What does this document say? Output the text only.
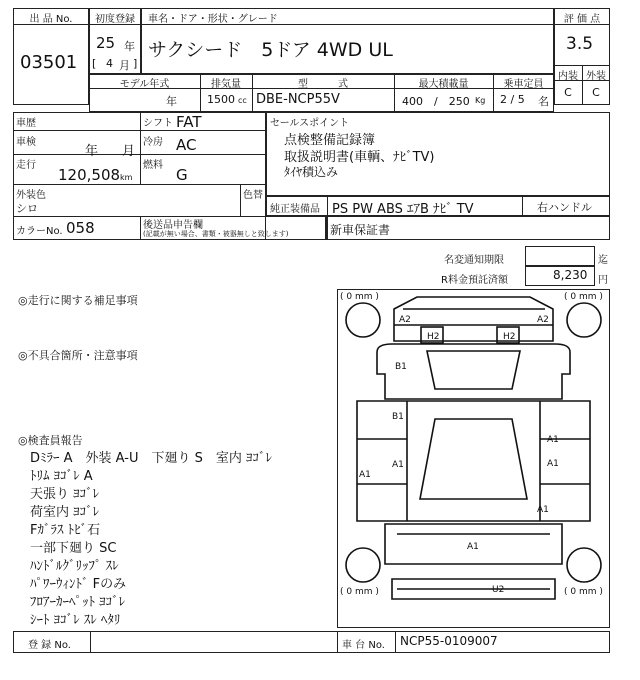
出 品 No.
03501
初度登録
25 年
[ 4 月 ]
車名・ドア・形状・グレード
サクシード　5ドア 4WD UL
評 価 点
3.5
内装 外装
C	C
モデル年式	排気量	型　　　式	最大積載量	乗車定員
年	1500 cc DBE-NCP55V	400　/　250 Kg 2 / 5 名
車歴	シフト FAT
車検
年 月
冷房 AC
走行
120,508 km
燃料
G
外装色
シロ
色替
カラーNo. 058	後送品申告欄
(記載が無い場合、書類・被器無しと致します)
セールスポイント
点検整備記録簿
取扱説明書(車輌、ﾅﾋﾞTV)
ﾀｲﾔ積込み
純正装備品 PS PW ABS ｴｱB ﾅﾋﾞ TV	右ハンドル
新車保証書
名変通知期限	迄
R料金預託済額	8,230 円
◎走行に関する補足事項
◎不具合箇所・注意事項
◎検査員報告
Dﾐﾗｰ A　外装 A-U　下廻り S　室内 ﾖｺﾞﾚ
ﾄﾘﾑ ﾖｺﾞﾚ A
天張り ﾖｺﾞﾚ
荷室内 ﾖｺﾞﾚ
Fｶﾞﾗｽ ﾄﾋﾞ石
一部下廻り SC
ﾊﾝﾄﾞﾙｸﾞﾘｯﾌﾟ ｽﾚ
ﾊﾟﾜｰｳｨﾝﾄﾞ Fのみ
ﾌﾛｱｰｶｰﾍﾟｯﾄ ﾖｺﾞﾚ
ｼｰﾄ ﾖｺﾞﾚ ｽﾚ ﾍﾀﾘ
( 0 mm )	( 0 mm )
( 0 mm )	( 0 mm )
A2	A2
H2	H2
B1
B1
A1
A1	A1
A1
A1
A1
U2
登 録 No.	車 台 No. NCP55-0109007
